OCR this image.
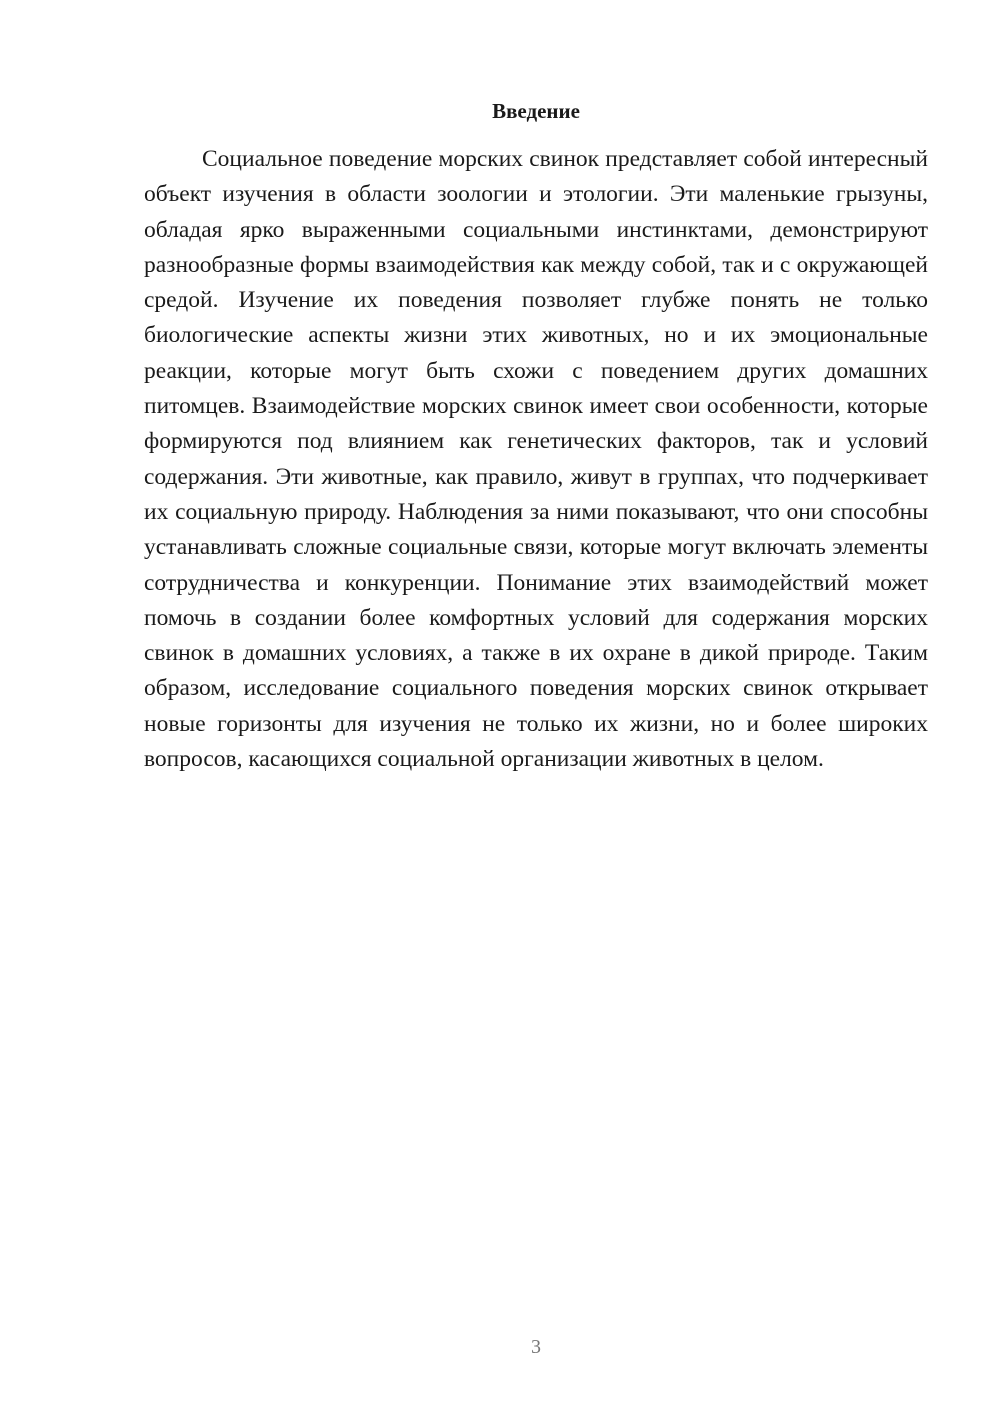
Введение

Социальное поведение морских свинок представляет собой интересный объект изучения в области зоологии и этологии. Эти маленькие грызуны, обладая ярко выраженными социальными инстинктами, демонстрируют разнообразные формы взаимодействия как между собой, так и с окружающей средой. Изучение их поведения позволяет глубже понять не только биологические аспекты жизни этих животных, но и их эмоциональные реакции, которые могут быть схожи с поведением других домашних питомцев. Взаимодействие морских свинок имеет свои особенности, которые формируются под влиянием как генетических факторов, так и условий содержания. Эти животные, как правило, живут в группах, что подчеркивает их социальную природу. Наблюдения за ними показывают, что они способны устанавливать сложные социальные связи, которые могут включать элементы сотрудничества и конкуренции. Понимание этих взаимодействий может помочь в создании более комфортных условий для содержания морских свинок в домашних условиях, а также в их охране в дикой природе. Таким образом, исследование социального поведения морских свинок открывает новые горизонты для изучения не только их жизни, но и более широких вопросов, касающихся социальной организации животных в целом.

3
